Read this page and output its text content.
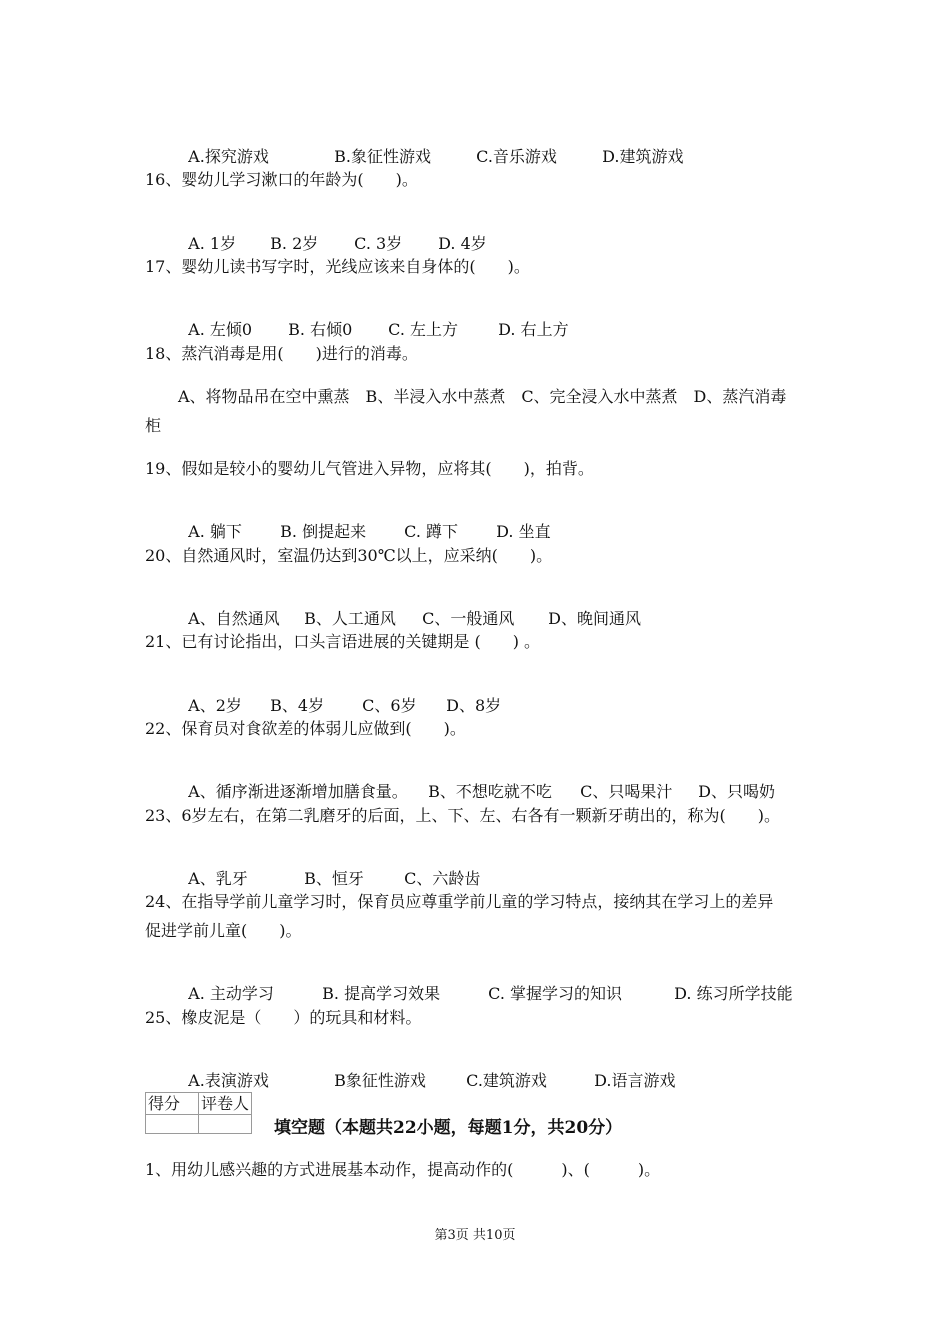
A.探究游戏	B.象征性游戏	C.音乐游戏	D.建筑游戏

16、婴幼儿学习漱口的年龄为(　　)。

A. 1岁 B. 2岁 C. 3岁 D. 4岁

17、婴幼儿读书写字时，光线应该来自身体的(　　)。

A. 左倾0 B. 右倾0 C. 左上方	D. 右上方

18、蒸汽消毒是用(　　)进行的消毒。
A、将物品吊在空中熏蒸　B、半浸入水中蒸煮　C、完全浸入水中蒸煮　D、蒸汽消毒
柜
19、假如是较小的婴幼儿气管进入异物，应将其(　　)，拍背。

A. 躺下 B. 倒提起来 C. 蹲下 D. 坐直

20、自然通风时，室温仍达到30℃以上，应采纳(　　)。

A、自然通风 B、人工通风 C、一般通风 D、晚间通风

21、已有讨论指出，口头言语进展的关键期是 (　　) 。

A、2岁 B、4岁 C、6岁 D、8岁

22、保育员对食欲差的体弱儿应做到(　　)。

A、循序渐进逐渐增加膳食量。 B、不想吃就不吃 C、只喝果汁 D、只喝奶

23、6岁左右，在第二乳磨牙的后面，上、下、左、右各有一颗新牙萌出的，称为(　　)。

A、乳牙	B、恒牙	C、六龄齿

24、在指导学前儿童学习时，保育员应尊重学前儿童的学习特点，接纳其在学习上的差异
促进学前儿童(　　)。

A. 主动学习	B. 提高学习效果	C. 掌握学习的知识	D. 练习所学技能

25、橡皮泥是（　　）的玩具和材料。

A.表演游戏	B象征性游戏	C.建筑游戏	D.语言游戏

得分	评卷人

填空题（本题共22小题，每题1分，共20分）
1、用幼儿感兴趣的方式进展基本动作，提高动作的(　　　)、(　　　)。
第3页 共10页
